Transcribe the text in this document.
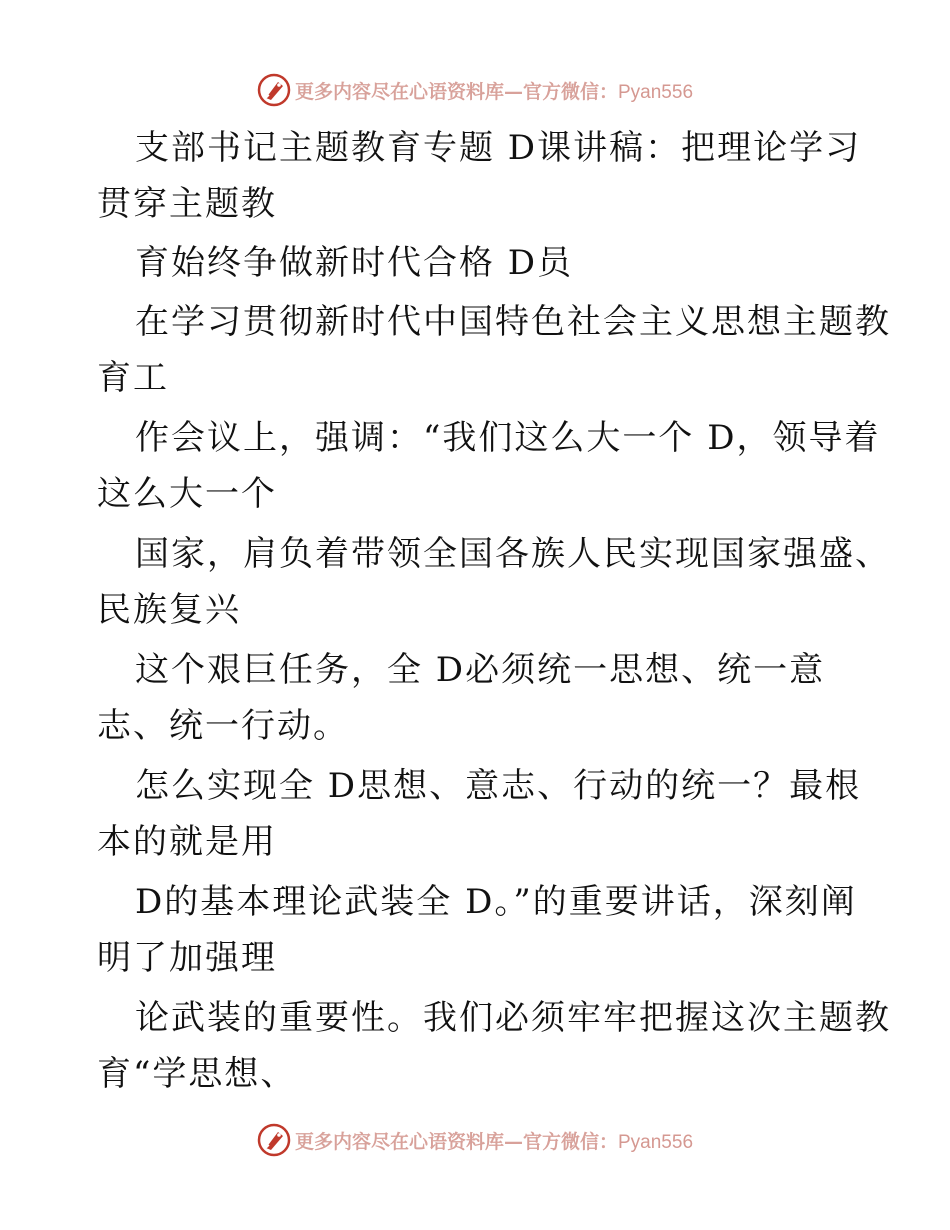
更多内容尽在心语资料库—官方微信：Pyan556
支部书记主题教育专题 D课讲稿：把理论学习
贯穿主题教
育始终争做新时代合格 D员
在学习贯彻新时代中国特色社会主义思想主题教
育工
作会议上，强调：“我们这么大一个 D，领导着
这么大一个
国家，肩负着带领全国各族人民实现国家强盛、
民族复兴
这个艰巨任务，全 D必须统一思想、统一意
志、统一行动。
怎么实现全 D思想、意志、行动的统一？最根
本的就是用
D的基本理论武装全 D。”的重要讲话，深刻阐
明了加强理
论武装的重要性。我们必须牢牢把握这次主题教
育“学思想、
更多内容尽在心语资料库—官方微信：Pyan556
